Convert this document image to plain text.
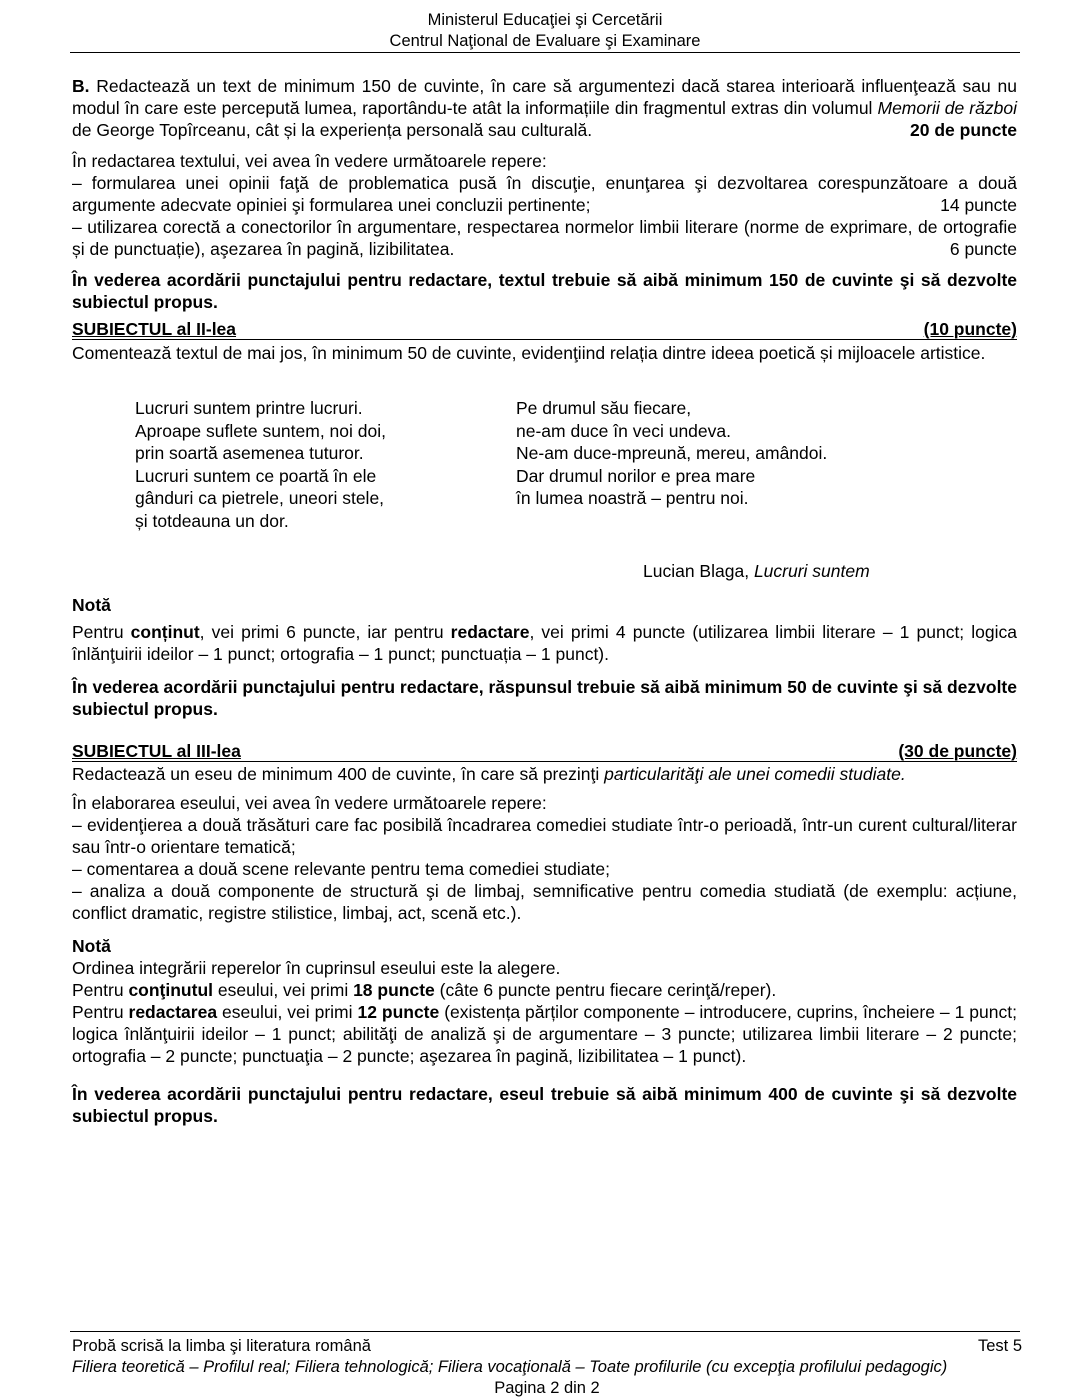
Ministerul Educaţiei şi Cercetării
Centrul Naţional de Evaluare şi Examinare

B. Redactează un text de minimum 150 de cuvinte, în care să argumentezi dacă starea interioară influenţează sau nu modul în care este percepută lumea, raportându-te atât la informațiile din fragmentul extras din volumul Memorii de război de George Topîrceanu, cât și la experiența personală sau culturală.	20 de puncte

În redactarea textului, vei avea în vedere următoarele repere:

– formularea unei opinii faţă de problematica pusă în discuţie, enunţarea şi dezvoltarea corespunzătoare a două argumente adecvate opiniei şi formularea unei concluzii pertinente;

– utilizarea corectă a conectorilor în argumentare, respectarea normelor limbii literare (norme de exprimare, de ortografie și de punctuație), aşezarea în pagină, lizibilitatea.

14 puncte
6 puncte

În vederea acordării punctajului pentru redactare, textul trebuie să aibă minimum 150 de cuvinte şi să dezvolte subiectul propus.

SUBIECTUL al II-lea	(10 puncte)

Comentează textul de mai jos, în minimum 50 de cuvinte, evidenţiind relația dintre ideea poetică și mijloacele artistice.

Lucruri suntem printre lucruri.
Aproape suflete suntem, noi doi,
prin soartă asemenea tuturor.
Lucruri suntem ce poartă în ele
gânduri ca pietrele, uneori stele,
și totdeauna un dor.
Pe drumul său fiecare,
ne-am duce în veci undeva.
Ne-am duce-mpreună, mereu, amândoi.
Dar drumul norilor e prea mare
în lumea noastră – pentru noi.
Lucian Blaga, Lucruri suntem
Notă

Pentru conținut, vei primi 6 puncte, iar pentru redactare, vei primi 4 puncte (utilizarea limbii literare – 1 punct; logica înlănţuirii ideilor – 1 punct; ortografia – 1 punct; punctuația – 1 punct).

În vederea acordării punctajului pentru redactare, răspunsul trebuie să aibă minimum 50 de cuvinte şi să dezvolte subiectul propus.

SUBIECTUL al III-lea	(30 de puncte)

Redactează un eseu de minimum 400 de cuvinte, în care să prezinţi particularităţi ale unei comedii studiate.

În elaborarea eseului, vei avea în vedere următoarele repere:

– evidenţierea a două trăsături care fac posibilă încadrarea comediei studiate într-o perioadă, într-un curent cultural/literar sau într-o orientare tematică;

– comentarea a două scene relevante pentru tema comediei studiate;

– analiza a două componente de structură şi de limbaj, semnificative pentru comedia studiată (de exemplu: acțiune, conflict dramatic, registre stilistice, limbaj, act, scenă etc.).

Notă

Ordinea integrării reperelor în cuprinsul eseului este la alegere.

Pentru conţinutul eseului, vei primi 18 puncte (câte 6 puncte pentru fiecare cerinţă/reper).

Pentru redactarea eseului, vei primi 12 puncte (existența părților componente – introducere, cuprins, încheiere – 1 punct; logica înlănţuirii ideilor – 1 punct; abilităţi de analiză şi de argumentare – 3 puncte; utilizarea limbii literare – 2 puncte; ortografia – 2 puncte; punctuaţia – 2 puncte; aşezarea în pagină, lizibilitatea – 1 punct).

În vederea acordării punctajului pentru redactare, eseul trebuie să aibă minimum 400 de cuvinte şi să dezvolte subiectul propus.

Probă scrisă la limba şi literatura română	Test 5
Filiera teoretică – Profilul real; Filiera tehnologică; Filiera vocaţională – Toate profilurile (cu excepţia profilului pedagogic)
Pagina 2 din 2
